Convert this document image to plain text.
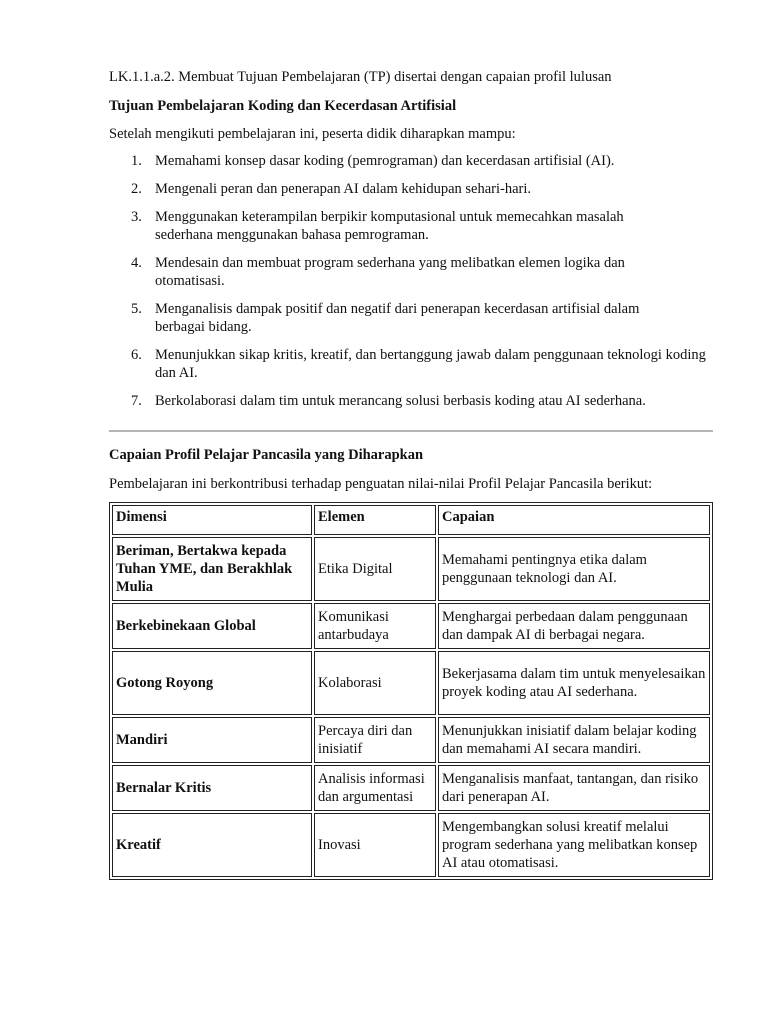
LK.1.1.a.2. Membuat Tujuan Pembelajaran (TP) disertai dengan capaian profil lulusan
Tujuan Pembelajaran Koding dan Kecerdasan Artifisial
Setelah mengikuti pembelajaran ini, peserta didik diharapkan mampu:
1. Memahami konsep dasar koding (pemrograman) dan kecerdasan artifisial (AI).
2. Mengenali peran dan penerapan AI dalam kehidupan sehari-hari.
3. Menggunakan keterampilan berpikir komputasional untuk memecahkan masalah sederhana menggunakan bahasa pemrograman.
4. Mendesain dan membuat program sederhana yang melibatkan elemen logika dan otomatisasi.
5. Menganalisis dampak positif dan negatif dari penerapan kecerdasan artifisial dalam berbagai bidang.
6. Menunjukkan sikap kritis, kreatif, dan bertanggung jawab dalam penggunaan teknologi koding dan AI.
7. Berkolaborasi dalam tim untuk merancang solusi berbasis koding atau AI sederhana.
Capaian Profil Pelajar Pancasila yang Diharapkan
Pembelajaran ini berkontribusi terhadap penguatan nilai-nilai Profil Pelajar Pancasila berikut:
Dimensi	Elemen	Capaian
Beriman, Bertakwa kepada Tuhan YME, dan Berakhlak Mulia	Etika Digital	Memahami pentingnya etika dalam penggunaan teknologi dan AI.
Berkebinekaan Global	Komunikasi antarbudaya	Menghargai perbedaan dalam penggunaan dan dampak AI di berbagai negara.
Gotong Royong	Kolaborasi	Bekerjasama dalam tim untuk menyelesaikan proyek koding atau AI sederhana.
Mandiri	Percaya diri dan inisiatif	Menunjukkan inisiatif dalam belajar koding dan memahami AI secara mandiri.
Bernalar Kritis	Analisis informasi dan argumentasi	Menganalisis manfaat, tantangan, dan risiko dari penerapan AI.
Kreatif	Inovasi	Mengembangkan solusi kreatif melalui program sederhana yang melibatkan konsep AI atau otomatisasi.
